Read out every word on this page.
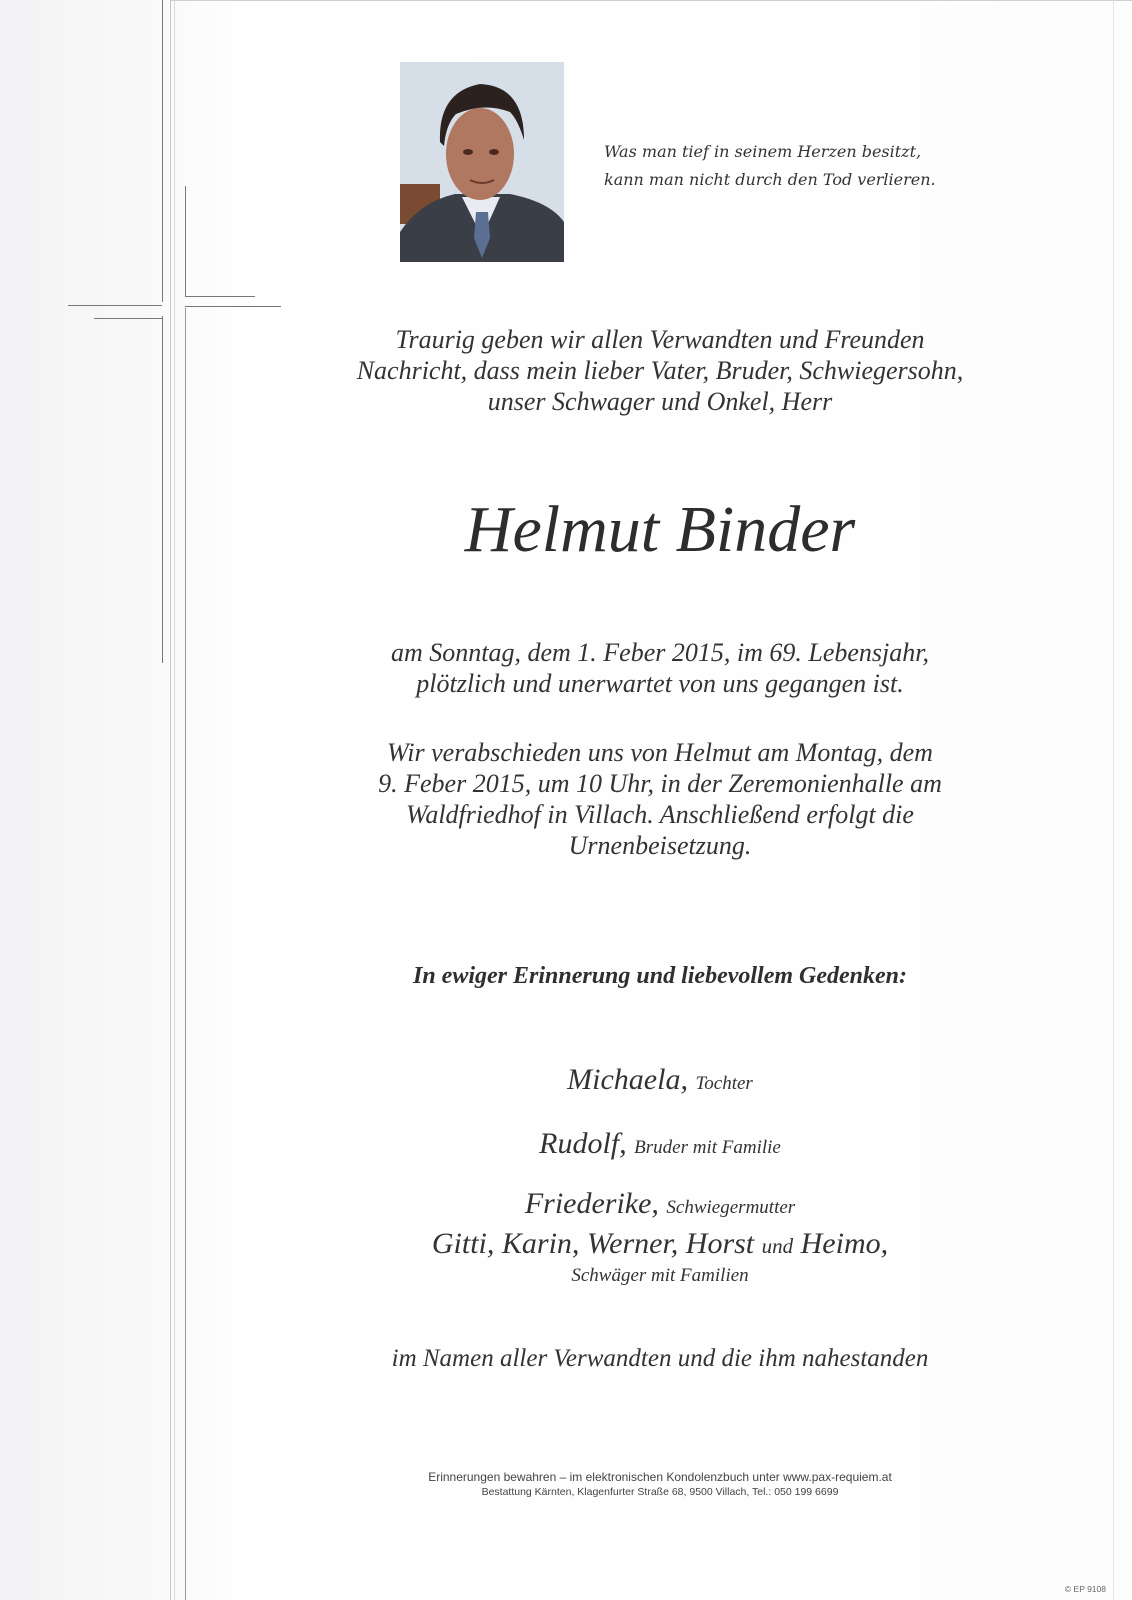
Was man tief in seinem Herzen besitzt,
kann man nicht durch den Tod verlieren.
Traurig geben wir allen Verwandten und Freunden
Nachricht, dass mein lieber Vater, Bruder, Schwiegersohn,
unser Schwager und Onkel, Herr
Helmut Binder
am Sonntag, dem 1. Feber 2015, im 69. Lebensjahr,
plötzlich und unerwartet von uns gegangen ist.
Wir verabschieden uns von Helmut am Montag, dem
9. Feber 2015, um 10 Uhr, in der Zeremonienhalle am
Waldfriedhof in Villach. Anschließend erfolgt die
Urnenbeisetzung.
In ewiger Erinnerung und liebevollem Gedenken:
Michaela, Tochter
Rudolf, Bruder mit Familie
Friederike, Schwiegermutter
Gitti, Karin, Werner, Horst und Heimo,
Schwäger mit Familien
im Namen aller Verwandten und die ihm nahestanden
Erinnerungen bewahren – im elektronischen Kondolenzbuch unter www.pax-requiem.at
Bestattung Kärnten, Klagenfurter Straße 68, 9500 Villach, Tel.: 050 199 6699
© EP 9108
